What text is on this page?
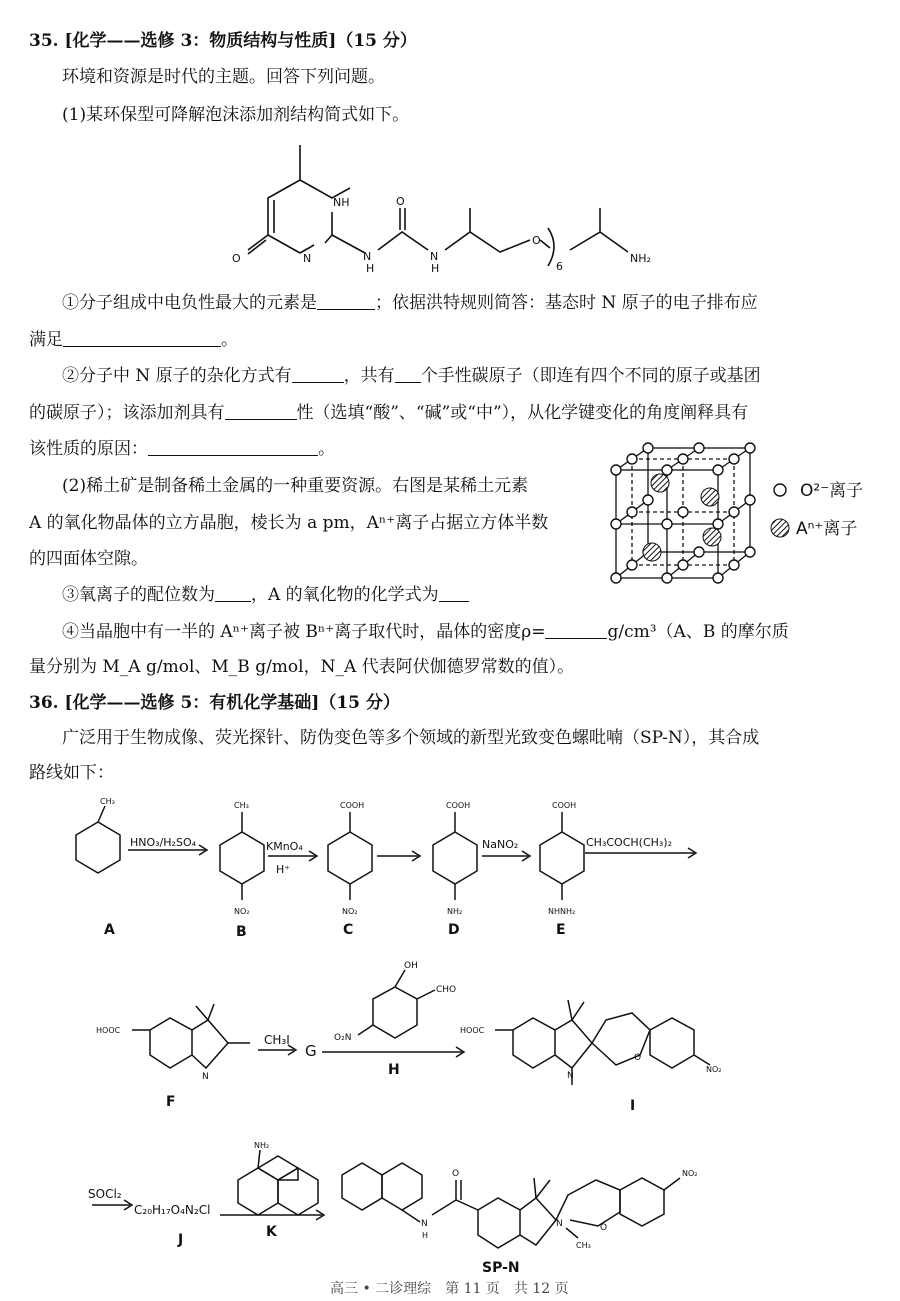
35. [化学——选修 3：物质结构与性质]（15 分）
环境和资源是时代的主题。回答下列问题。
(1)某环保型可降解泡沫添加剂结构简式如下。
①分子组成中电负性最大的元素是	；依据洪特规则简答：基态时 N 原子的电子排布应
满足	。
②分子中 N 原子的杂化方式有	，共有 个手性碳原子（即连有四个不同的原子或基团
的碳原子）；该添加剂具有	性（选填“酸”、“碱”或“中”），从化学键变化的角度阐释具有
该性质的原因：	。
(2)稀土矿是制备稀土金属的一种重要资源。右图是某稀土元素
A 的氧化物晶体的立方晶胞，棱长为 a pm，Aⁿ⁺离子占据立方体半数
的四面体空隙。
③氧离子的配位数为 ，A 的氧化物的化学式为
④当晶胞中有一半的 Aⁿ⁺离子被 Bⁿ⁺离子取代时，晶体的密度ρ=	g/cm³（A、B 的摩尔质
量分别为 M_A g/mol、M_B g/mol，N_A 代表阿伏伽德罗常数的值）。
36. [化学——选修 5：有机化学基础]（15 分）
广泛用于生物成像、荧光探针、防伪变色等多个领域的新型光致变色螺吡喃（SP-N），其合成
路线如下：
高三 • 二诊理综　第 11 页　共 12 页
NH	O
O	N	N
H
N
H
O
6
NH₂
O²⁻离子
Aⁿ⁺离子
CH₃
HNO₃/H₂SO₄
CH₃
NO₂
KMnO₄
H⁺
COOH
NO₂
COOH
NH₂
NaNO₂
COOH
NHNH₂
CH₃COCH(CH₃)₂
A	B	C	D	E
HOOC
N
CH₃I
G
OH
CHO
O₂N
H
F
HOOC
N
O
NO₂
I
SOCl₂
C₂₀H₁₇O₄N₂Cl
J
NH₂
K	N
H
O
N
CH₃
O
NO₂
SP-N
